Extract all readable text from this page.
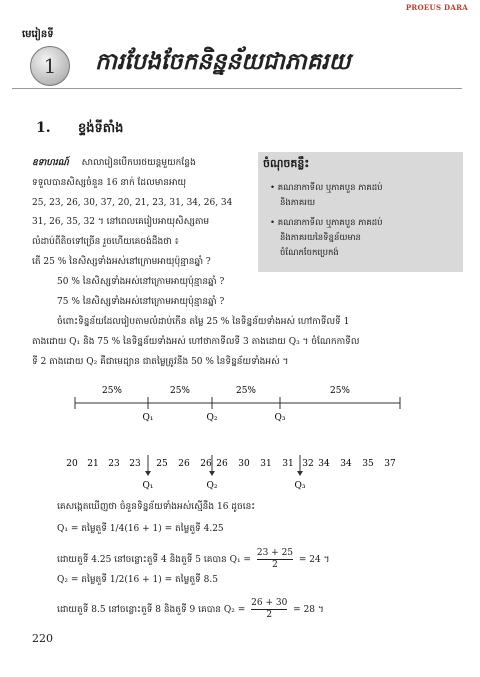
PROEUS DARA
មេរៀនទី
1 ការបែងចែកនិន្នន័យជាភាគរយ
1. ខ្ទង់ទីតាំង
ឧទាហរណ៍ សាលារៀនបើកបរថយន្តមួយកន្លែង
ទទួលបានសិស្សចំនួន 16 នាក់ ដែលមានអាយុ
25, 23, 26, 30, 37, 20, 21, 23, 31, 34, 26, 34
31, 26, 35, 32 ។ នៅពេលគេរៀបអាយុសិស្សតាម
លំដាប់ពីតិចទៅច្រើន រួចហើយគេចង់ដឹងថា ៖
តើ 25 % នៃសិស្សទាំងអស់នៅក្រោមអាយុប៉ុន្មានឆ្នាំ ?
50 % នៃសិស្សទាំងអស់នៅក្រោមអាយុប៉ុន្មានឆ្នាំ ?
75 % នៃសិស្សទាំងអស់នៅក្រោមអាយុប៉ុន្មានឆ្នាំ ?
ចំណុចគន្លឹះ
• គណនាកាទីល ឬភាគបួន ភាគដប់
និងភាគរយ
• គណនាកាទីល ឬភាគបួន ភាគដប់
និងភាគរយនៃទិន្នន័យមាន
ចំណែកចែកប្រេកង់
ចំពោះទិន្នន័យដែលរៀបតាមលំដាប់កើន តម្លៃ 25 % នៃទិន្នន័យទាំងអស់ ហៅកាទីលទី 1
តាងដោយ Q₁ និង 75 % នៃទិន្នន័យទាំងអស់ ហៅថាកាទីលទី 3 តាងដោយ Q₃ ។ ចំណែកកាទីល
ទី 2 តាងដោយ Q₂ គឺជាមេដ្យាន ជាតម្លៃត្រូវនឹង 50 % នៃទិន្នន័យទាំងអស់ ។
25%	25%	25%	25%
Q₁	Q₂	Q₃
20 21 23 23 25 26 26 26 30 31 31 32 34 34 35 37
Q₁	Q₂	Q₃
គេសង្កេតឃើញថា ចំនួនទិន្នន័យទាំងអស់ស្មើនឹង 16 ដូចនេះ
Q₁ = តម្លៃតួទី 1/4(16 + 1) = តម្លៃតួទី 4.25
ដោយតួទី 4.25 នៅចន្លោះតួទី 4 និងតួទី 5 គេបាន $Q_1 = \frac{23 + 25}{2} = 24$ ។
Q₂ = តម្លៃតួទី 1/2(16 + 1) = តម្លៃតួទី 8.5
ដោយតួទី 8.5 នៅចន្លោះតួទី 8 និងតួទី 9 គេបាន $Q_2 = \frac{26 + 30}{2} = 28$ ។
220
